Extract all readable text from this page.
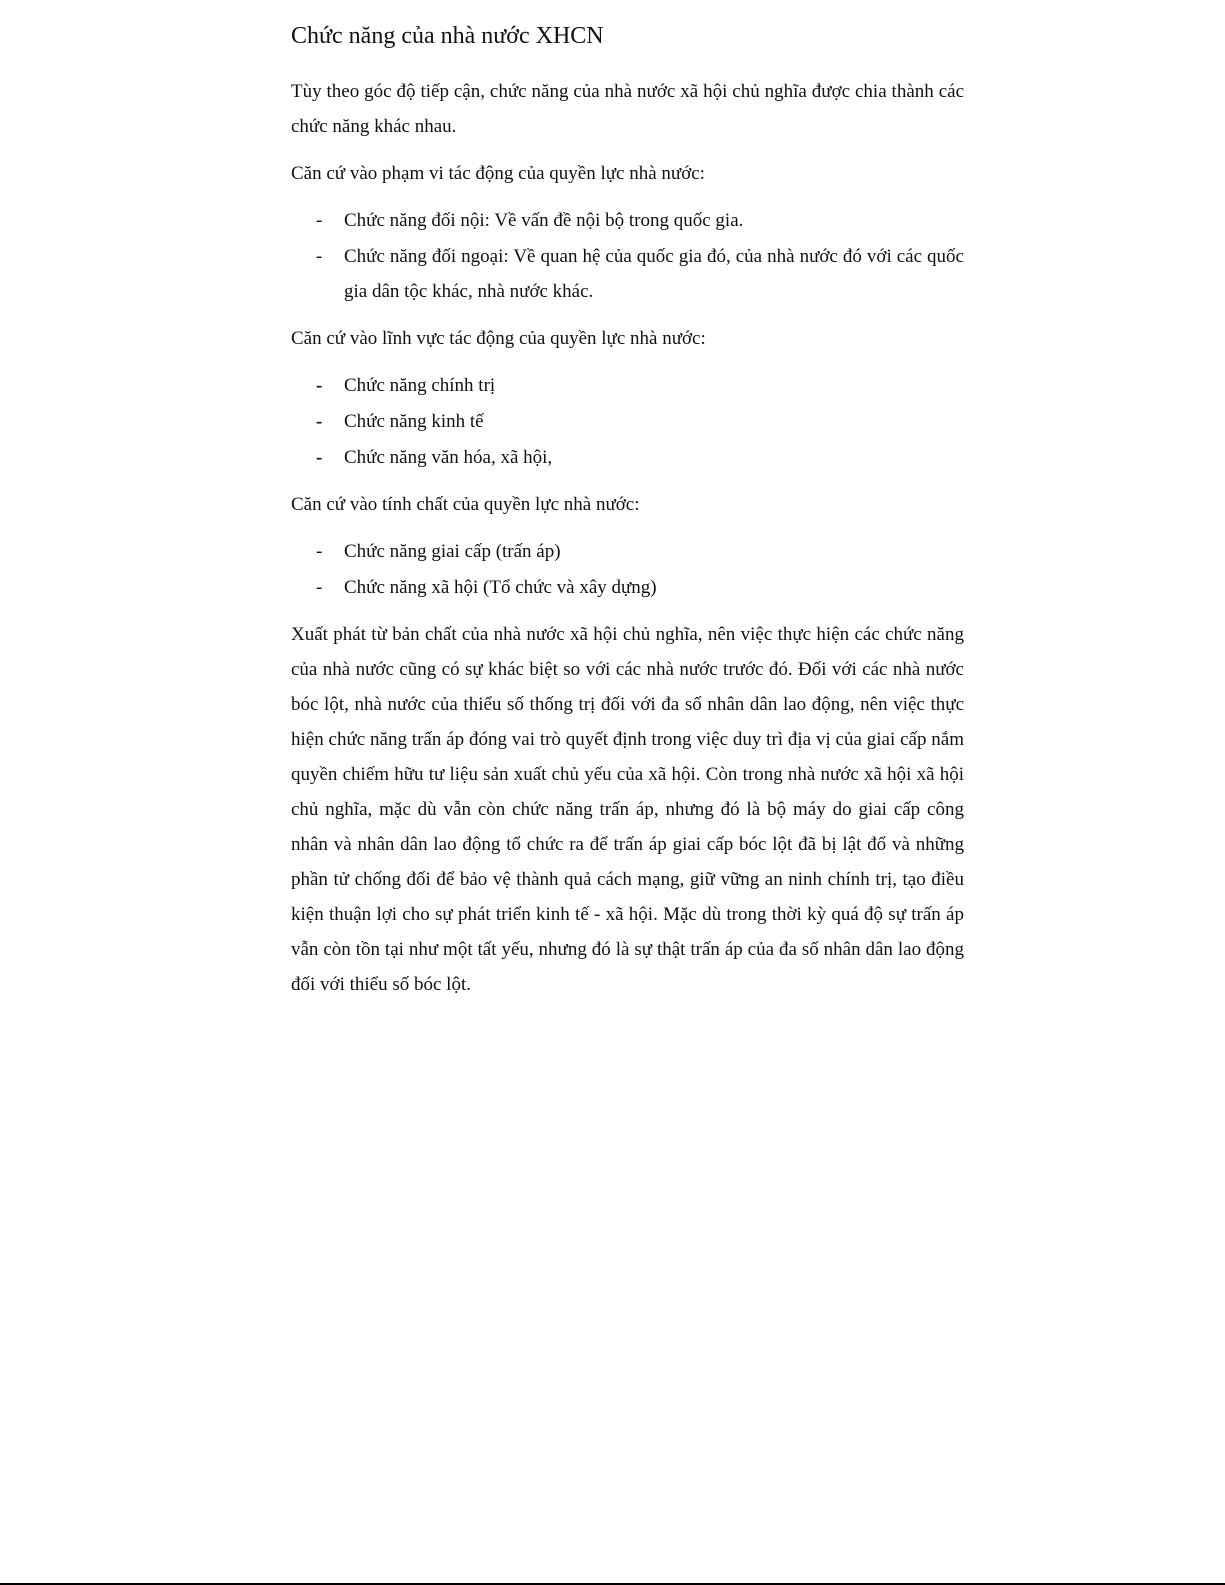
Chức năng của nhà nước XHCN

Tùy theo góc độ tiếp cận, chức năng của nhà nước xã hội chủ nghĩa được chia thành các chức năng khác nhau.

Căn cứ vào phạm vi tác động của quyền lực nhà nước:

- Chức năng đối nội: Về vấn đề nội bộ trong quốc gia.
- Chức năng đối ngoại: Về quan hệ của quốc gia đó, của nhà nước đó với các quốc gia dân tộc khác, nhà nước khác.

Căn cứ vào lĩnh vực tác động của quyền lực nhà nước:

- Chức năng chính trị
- Chức năng kinh tế
- Chức năng văn hóa, xã hội,

Căn cứ vào tính chất của quyền lực nhà nước:

- Chức năng giai cấp (trấn áp)
- Chức năng xã hội (Tổ chức và xây dựng)

Xuất phát từ bản chất của nhà nước xã hội chủ nghĩa, nên việc thực hiện các chức năng của nhà nước cũng có sự khác biệt so với các nhà nước trước đó. Đối với các nhà nước bóc lột, nhà nước của thiểu số thống trị đối với đa số nhân dân lao động, nên việc thực hiện chức năng trấn áp đóng vai trò quyết định trong việc duy trì địa vị của giai cấp nắm quyền chiếm hữu tư liệu sản xuất chủ yếu của xã hội. Còn trong nhà nước xã hội xã hội chủ nghĩa, mặc dù vẫn còn chức năng trấn áp, nhưng đó là bộ máy do giai cấp công nhân và nhân dân lao động tổ chức ra để trấn áp giai cấp bóc lột đã bị lật đổ và những phần tử chống đối để bảo vệ thành quả cách mạng, giữ vững an ninh chính trị, tạo điều kiện thuận lợi cho sự phát triển kinh tế - xã hội. Mặc dù trong thời kỳ quá độ sự trấn áp vẫn còn tồn tại như một tất yếu, nhưng đó là sự thật trấn áp của đa số nhân dân lao động đối với thiểu số bóc lột.
